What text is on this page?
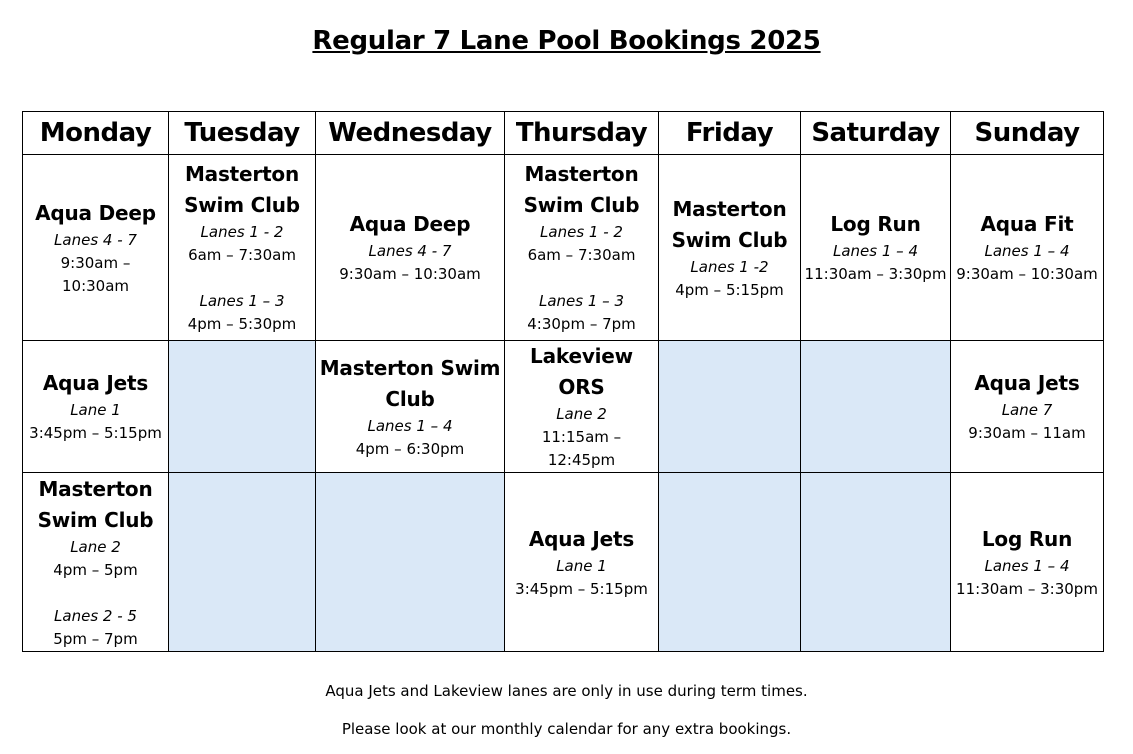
Regular 7 Lane Pool Bookings 2025
Monday	Tuesday	Wednesday	Thursday	Friday	Saturday	Sunday

Aqua Deep
Lanes 4 - 7
9:30am – 10:30am	Masterton Swim Club
Lanes 1 - 2
6am – 7:30am
Lanes 1 – 3
4pm – 5:30pm	Aqua Deep
Lanes 4 - 7
9:30am – 10:30am	Masterton Swim Club
Lanes 1 - 2
6am – 7:30am
Lanes 1 – 3
4:30pm – 7pm	Masterton Swim Club
Lanes 1 -2
4pm – 5:15pm	Log Run
Lanes 1 – 4
11:30am – 3:30pm	Aqua Fit
Lanes 1 – 4
9:30am – 10:30am

Aqua Jets
Lane 1
3:45pm – 5:15pm		Masterton Swim Club
Lanes 1 – 4
4pm – 6:30pm	Lakeview ORS
Lane 2
11:15am – 12:45pm			Aqua Jets
Lane 7
9:30am – 11am

Masterton Swim Club
Lane 2
4pm – 5pm
Lanes 2 - 5
5pm – 7pm			Aqua Jets
Lane 1
3:45pm – 5:15pm			Log Run
Lanes 1 – 4
11:30am – 3:30pm
Aqua Jets and Lakeview lanes are only in use during term times.
Please look at our monthly calendar for any extra bookings.
